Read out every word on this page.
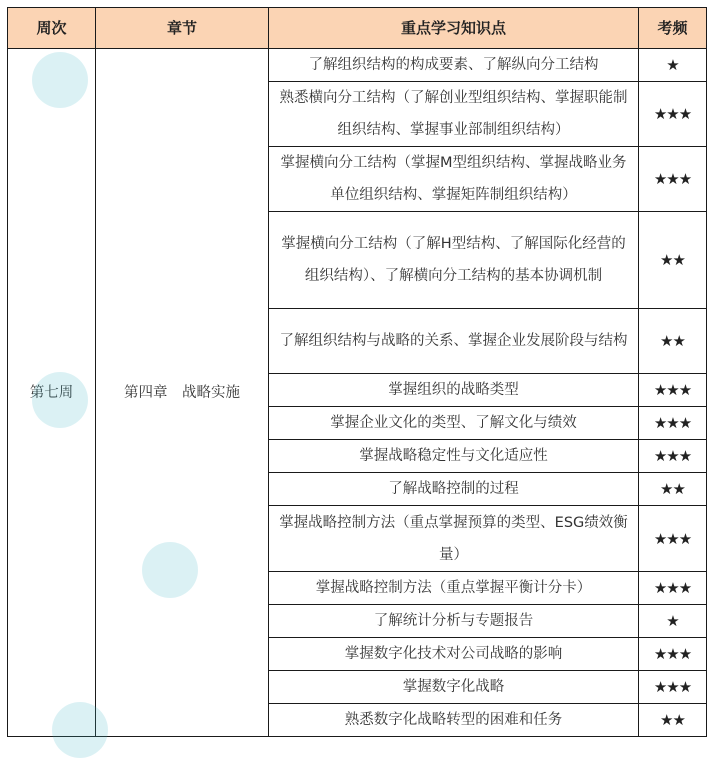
周次	章节	重点学习知识点	考频
第七周	第四章　战略实施	了解组织结构的构成要素、了解纵向分工结构	★
		熟悉横向分工结构（了解创业型组织结构、掌握职能制组织结构、掌握事业部制组织结构）	★★★
		掌握横向分工结构（掌握M型组织结构、掌握战略业务单位组织结构、掌握矩阵制组织结构）	★★★
		掌握横向分工结构（了解H型结构、了解国际化经营的组织结构）、了解横向分工结构的基本协调机制	★★
		了解组织结构与战略的关系、掌握企业发展阶段与结构	★★
		掌握组织的战略类型	★★★
		掌握企业文化的类型、了解文化与绩效	★★★
		掌握战略稳定性与文化适应性	★★★
		了解战略控制的过程	★★
		掌握战略控制方法（重点掌握预算的类型、ESG绩效衡量）	★★★
		掌握战略控制方法（重点掌握平衡计分卡）	★★★
		了解统计分析与专题报告	★
		掌握数字化技术对公司战略的影响	★★★
		掌握数字化战略	★★★
		熟悉数字化战略转型的困难和任务	★★
